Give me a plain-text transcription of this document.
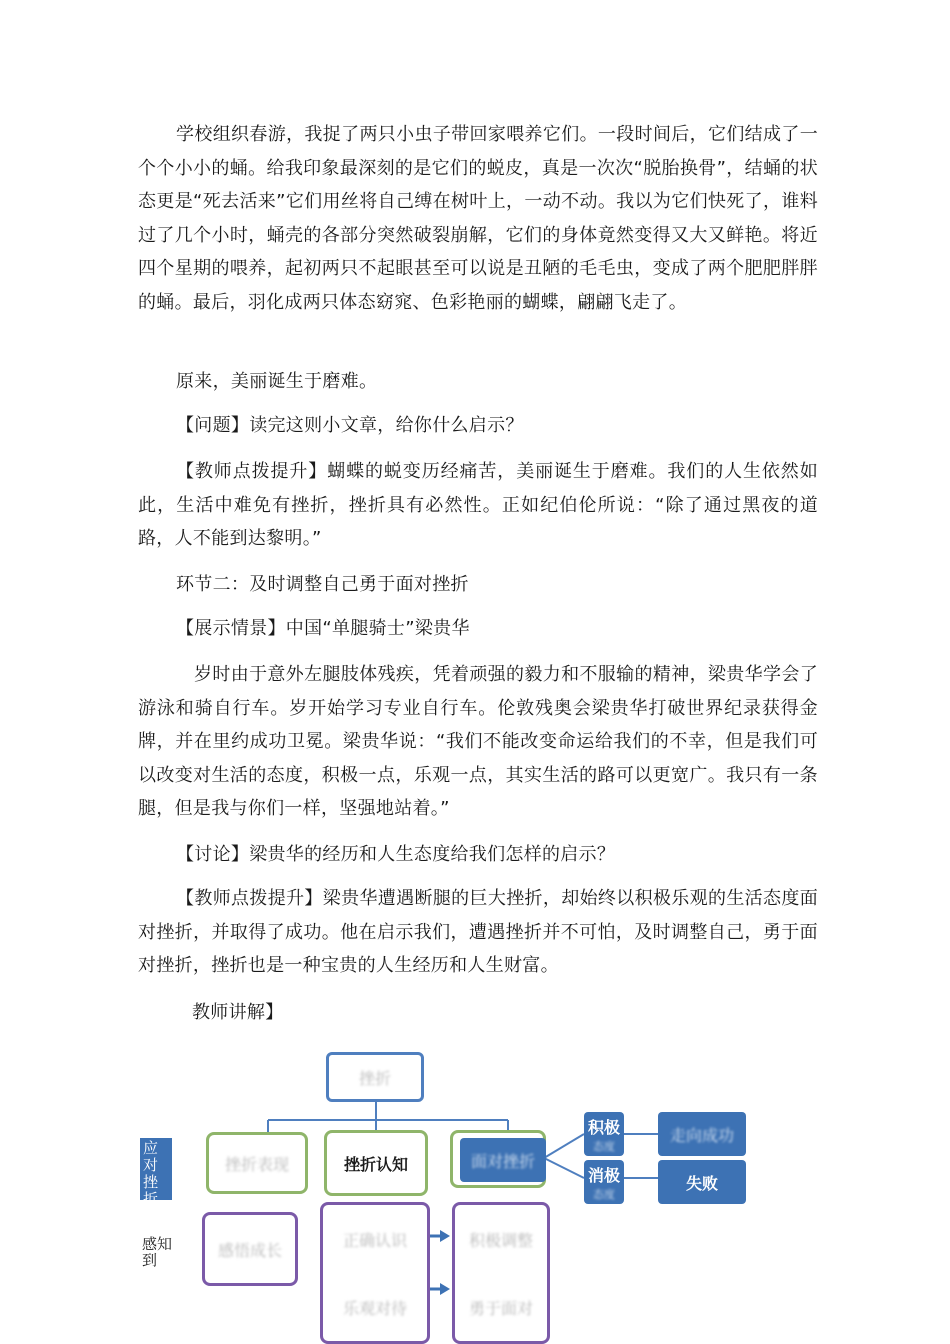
学校组织春游，我捉了两只小虫子带回家喂养它们。一段时间后，它们结成了一个个小小的蛹。给我印象最深刻的是它们的蜕皮，真是一次次“脱胎换骨”，结蛹的状态更是“死去活来”它们用丝将自己缚在树叶上，一动不动。我以为它们快死了，谁料过了几个小时，蛹壳的各部分突然破裂崩解，它们的身体竟然变得又大又鲜艳。将近四个星期的喂养，起初两只不起眼甚至可以说是丑陋的毛毛虫，变成了两个肥肥胖胖的蛹。最后，羽化成两只体态窈窕、色彩艳丽的蝴蝶，翩翩飞走了。

原来，美丽诞生于磨难。

【问题】读完这则小文章，给你什么启示？

【教师点拨提升】蝴蝶的蜕变历经痛苦，美丽诞生于磨难。我们的人生依然如此，生活中难免有挫折，挫折具有必然性。正如纪伯伦所说：“除了通过黑夜的道路，人不能到达黎明。”

环节二：及时调整自己勇于面对挫折

【展示情景】中国“单腿骑士”梁贵华

岁时由于意外左腿肢体残疾，凭着顽强的毅力和不服输的精神，梁贵华学会了游泳和骑自行车。岁开始学习专业自行车。伦敦残奥会梁贵华打破世界纪录获得金牌，并在里约成功卫冕。梁贵华说：“我们不能改变命运给我们的不幸，但是我们可以改变对生活的态度，积极一点，乐观一点，其实生活的路可以更宽广。我只有一条腿，但是我与你们一样，坚强地站着。”

【讨论】梁贵华的经历和人生态度给我们怎样的启示？

【教师点拨提升】梁贵华遭遇断腿的巨大挫折，却始终以积极乐观的生活态度面对挫折，并取得了成功。他在启示我们，遭遇挫折并不可怕，及时调整自己，勇于面对挫折，挫折也是一种宝贵的人生经历和人生财富。

教师讲解】

挫折
挫折表现	挫折认知	面对挫折
积极
态度
消极
态度
走向成功
失败
应对 挫折
感知 到
感悟成长
正确认识
乐观对待
积极调整
勇于面对
